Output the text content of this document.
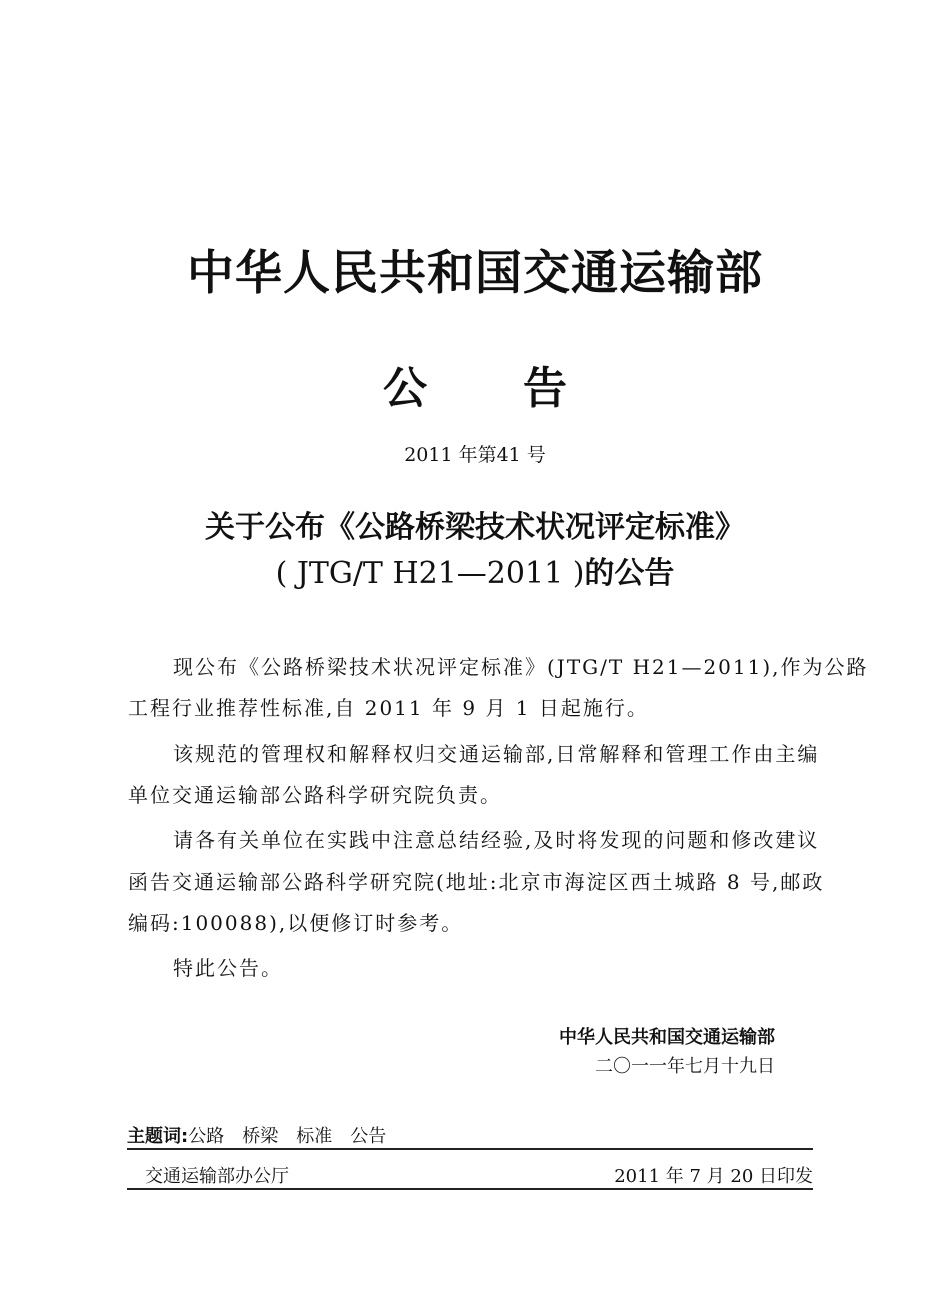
中华人民共和国交通运输部
公 告
2011 年第41 号
关于公布《公路桥梁技术状况评定标准》
( JTG/T H21—2011 )的公告
现公布《公路桥梁技术状况评定标准》(JTG/T H21—2011),作为公路
工程行业推荐性标准,自 2011 年 9 月 1 日起施行。
该规范的管理权和解释权归交通运输部,日常解释和管理工作由主编
单位交通运输部公路科学研究院负责。
请各有关单位在实践中注意总结经验,及时将发现的问题和修改建议
函告交通运输部公路科学研究院(地址:北京市海淀区西土城路 8 号,邮政
编码:100088),以便修订时参考。
特此公告。
中华人民共和国交通运输部
二〇一一年七月十九日
主题词:公路 桥梁 标准 公告
交通运输部办公厅	2011 年 7 月 20 日印发
